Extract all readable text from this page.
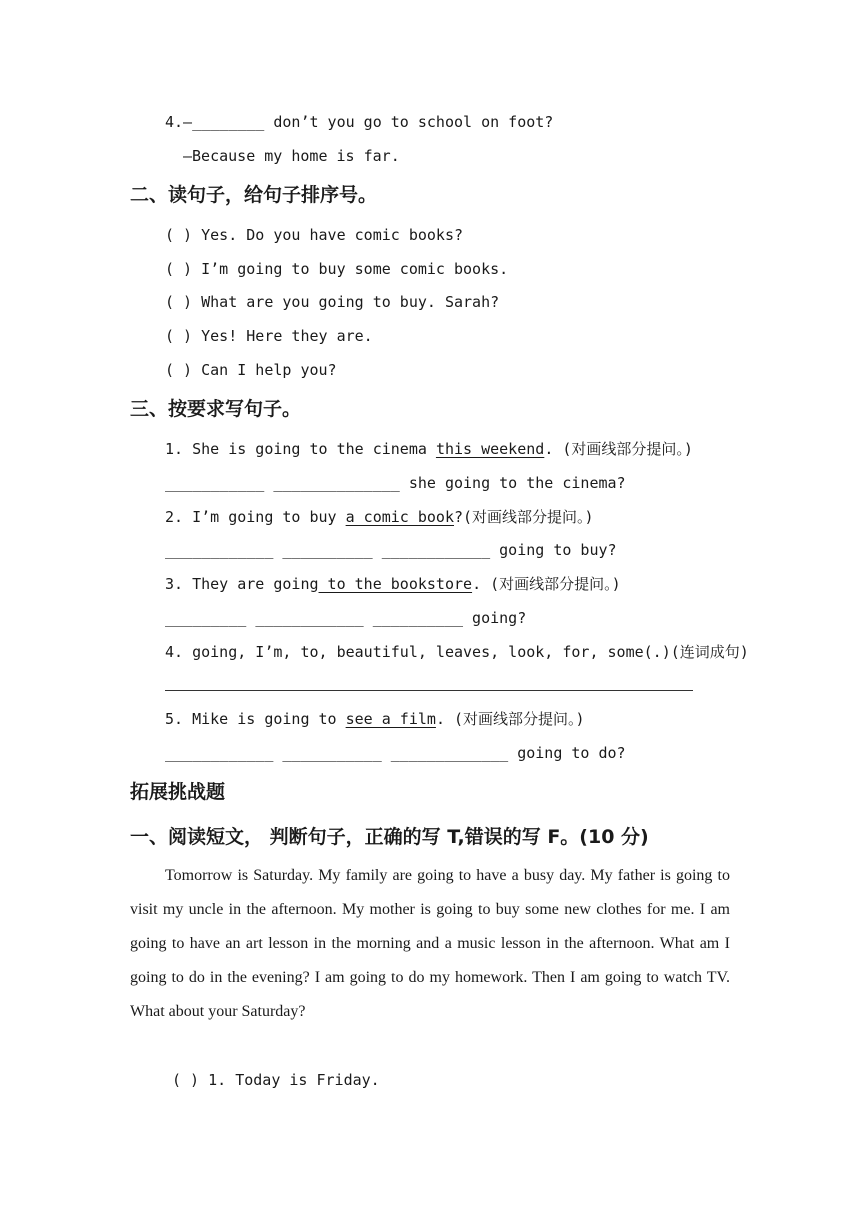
4.—________ don’t you go to school on foot?
—Because my home is far.
二、读句子，给句子排序号。
( ) Yes. Do you have comic books?
( ) I’m going to buy some comic books.
( ) What are you going to buy. Sarah?
( ) Yes! Here they are.
( ) Can I help you?
三、按要求写句子。
1. She is going to the cinema this weekend. (对画线部分提问。)
___________ ______________ she going to the cinema?
2. I’m going to buy a comic book?(对画线部分提问。)
____________ __________ ____________ going to buy?
3. They are going to the bookstore. (对画线部分提问。)
_________ ____________ __________ going?
4. going, I’m, to, beautiful, leaves, look, for, some(.)(连词成句)
5. Mike is going to see a film. (对画线部分提问。)
____________ ___________ _____________ going to do?
拓展挑战题
一、阅读短文， 判断句子，正确的写 T,错误的写 F。(10 分)
Tomorrow is Saturday. My family are going to have a busy day. My father is going to visit my uncle in the afternoon. My mother is going to buy some new clothes for me. I am going to have an art lesson in the morning and a music lesson in the afternoon. What am I going to do in the evening? I am going to do my homework. Then I am going to watch TV. What about your Saturday?
( ) 1. Today is Friday.
